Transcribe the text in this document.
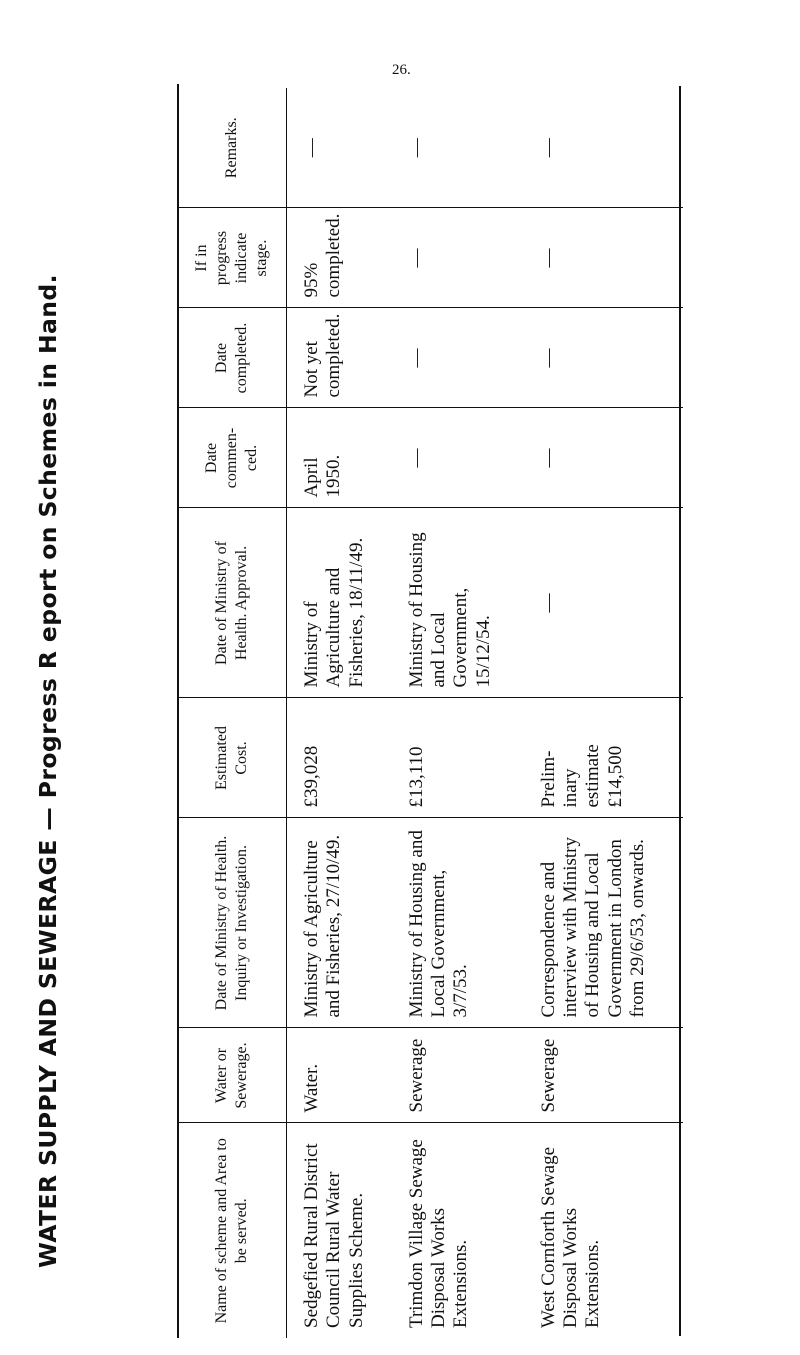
26.
WATER SUPPLY AND SEWERAGE — Progress R eport on Schemes in Hand.	Name of scheme and Area to be served.	Water or Sewerage.	Date of Ministry of Health. Inquiry or Investigation.	Estimated Cost.	Date of Ministry of Health. Approval.	Date commen- ced.	Date completed.	If in progress indicate stage.	Remarks.
Sedgefied Rural District Council Rural Water Supplies Scheme.	Water.	Ministry of Agriculture and Fisheries, 27/10/49.	£39,028	Ministry of Agriculture and Fisheries, 18/11/49.	April 1950.	Not yet completed.	95% completed.	—
Trimdon Village Sewage Disposal Works Extensions.	Sewerage	Ministry of Housing and Local Government, 3/7/53.	£13,110	Ministry of Housing and Local Government, 15/12/54.	—	—	—	—
West Cornforth Sewage Disposal Works Extensions.	Sewerage	Correspondence and interview with Ministry of Housing and Local Government in London from 29/6/53, onwards.	Prelim- inary estimate £14,500	—	—	—	—	—
